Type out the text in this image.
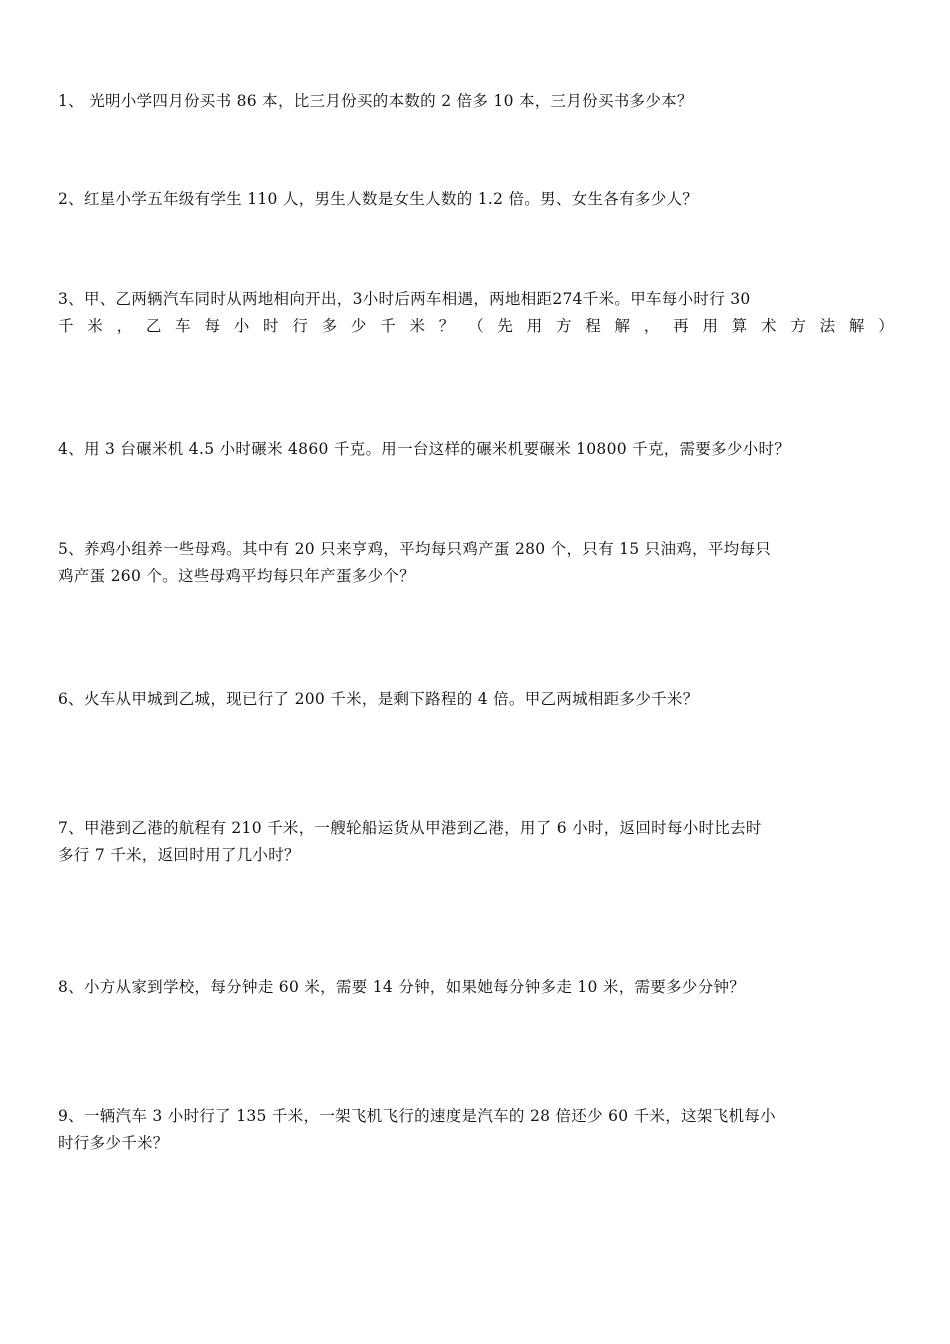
1、 光明小学四月份买书 86 本，比三月份买的本数的 2 倍多 10 本，三月份买书多少本？
2、红星小学五年级有学生 110 人，男生人数是女生人数的 1.2 倍。男、女生各有多少人？
3、甲、乙两辆汽车同时从两地相向开出，3小时后两车相遇，两地相距274千米。甲车每小时行 30
千 米 ， 乙 车 每 小 时 行 多 少 千 米 ？ （ 先 用 方 程 解 ， 再 用 算 术 方 法 解 ）
4、用 3 台碾米机 4.5 小时碾米 4860 千克。用一台这样的碾米机要碾米 10800 千克，需要多少小时？
5、养鸡小组养一些母鸡。其中有 20 只来亨鸡，平均每只鸡产蛋 280 个，只有 15 只油鸡，平均每只
鸡产蛋 260 个。这些母鸡平均每只年产蛋多少个？
6、火车从甲城到乙城，现已行了 200 千米，是剩下路程的 4 倍。甲乙两城相距多少千米？
7、甲港到乙港的航程有 210 千米，一艘轮船运货从甲港到乙港，用了 6 小时，返回时每小时比去时
多行 7 千米，返回时用了几小时？
8、小方从家到学校，每分钟走 60 米，需要 14 分钟，如果她每分钟多走 10 米，需要多少分钟？
9、一辆汽车 3 小时行了 135 千米，一架飞机飞行的速度是汽车的 28 倍还少 60 千米，这架飞机每小
时行多少千米？
